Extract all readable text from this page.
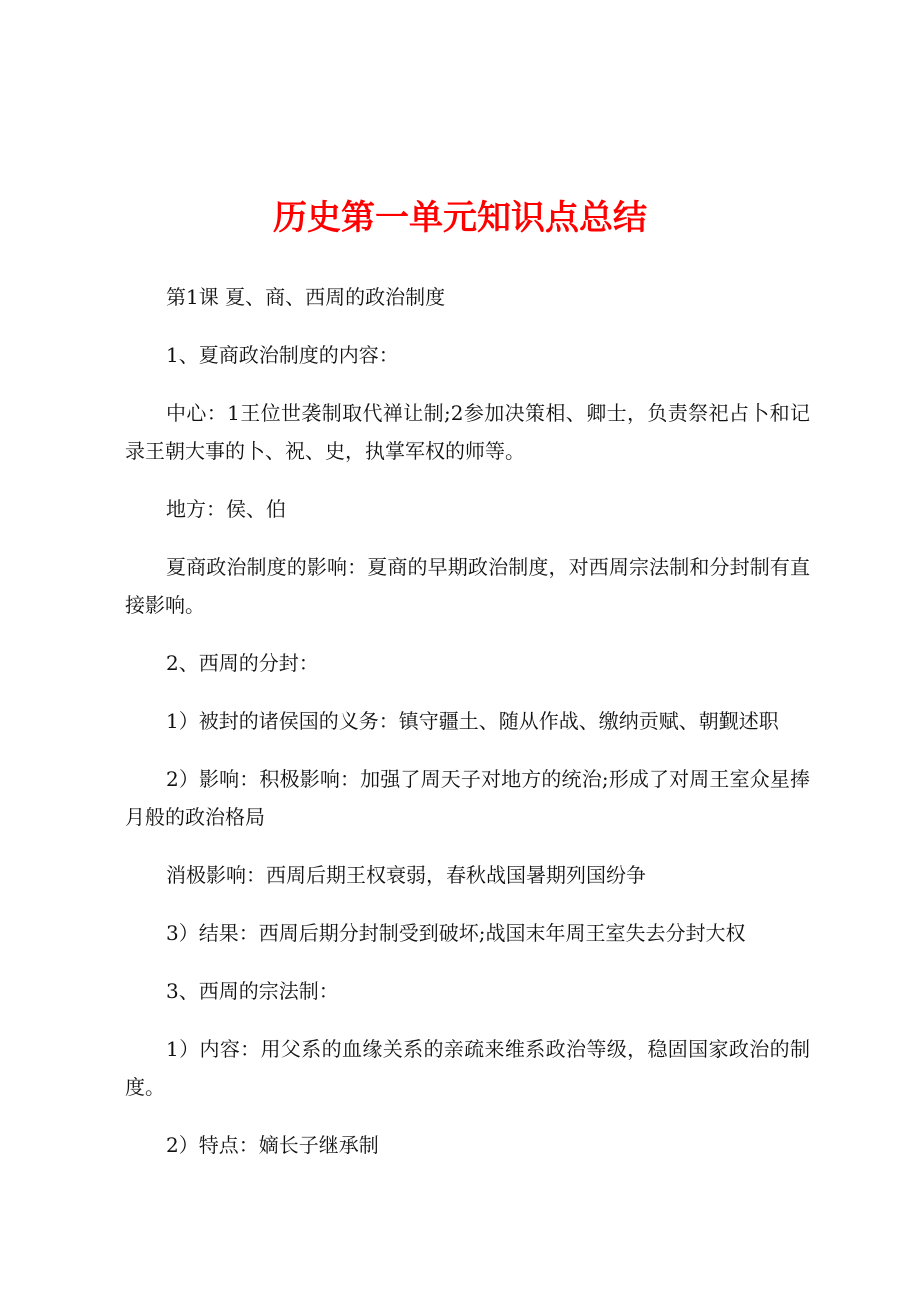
历史第一单元知识点总结

第1课 夏、商、西周的政治制度

1、夏商政治制度的内容：

中心：1王位世袭制取代禅让制;2参加决策相、卿士，负责祭祀占卜和记录王朝大事的卜、祝、史，执掌军权的师等。

地方：侯、伯

夏商政治制度的影响：夏商的早期政治制度，对西周宗法制和分封制有直接影响。

2、西周的分封：

1）被封的诸侯国的义务：镇守疆土、随从作战、缴纳贡赋、朝觐述职

2）影响：积极影响：加强了周天子对地方的统治;形成了对周王室众星捧月般的政治格局

消极影响：西周后期王权衰弱，春秋战国暑期列国纷争

3）结果：西周后期分封制受到破坏;战国末年周王室失去分封大权

3、西周的宗法制：

1）内容：用父系的血缘关系的亲疏来维系政治等级，稳固国家政治的制度。

2）特点：嫡长子继承制
